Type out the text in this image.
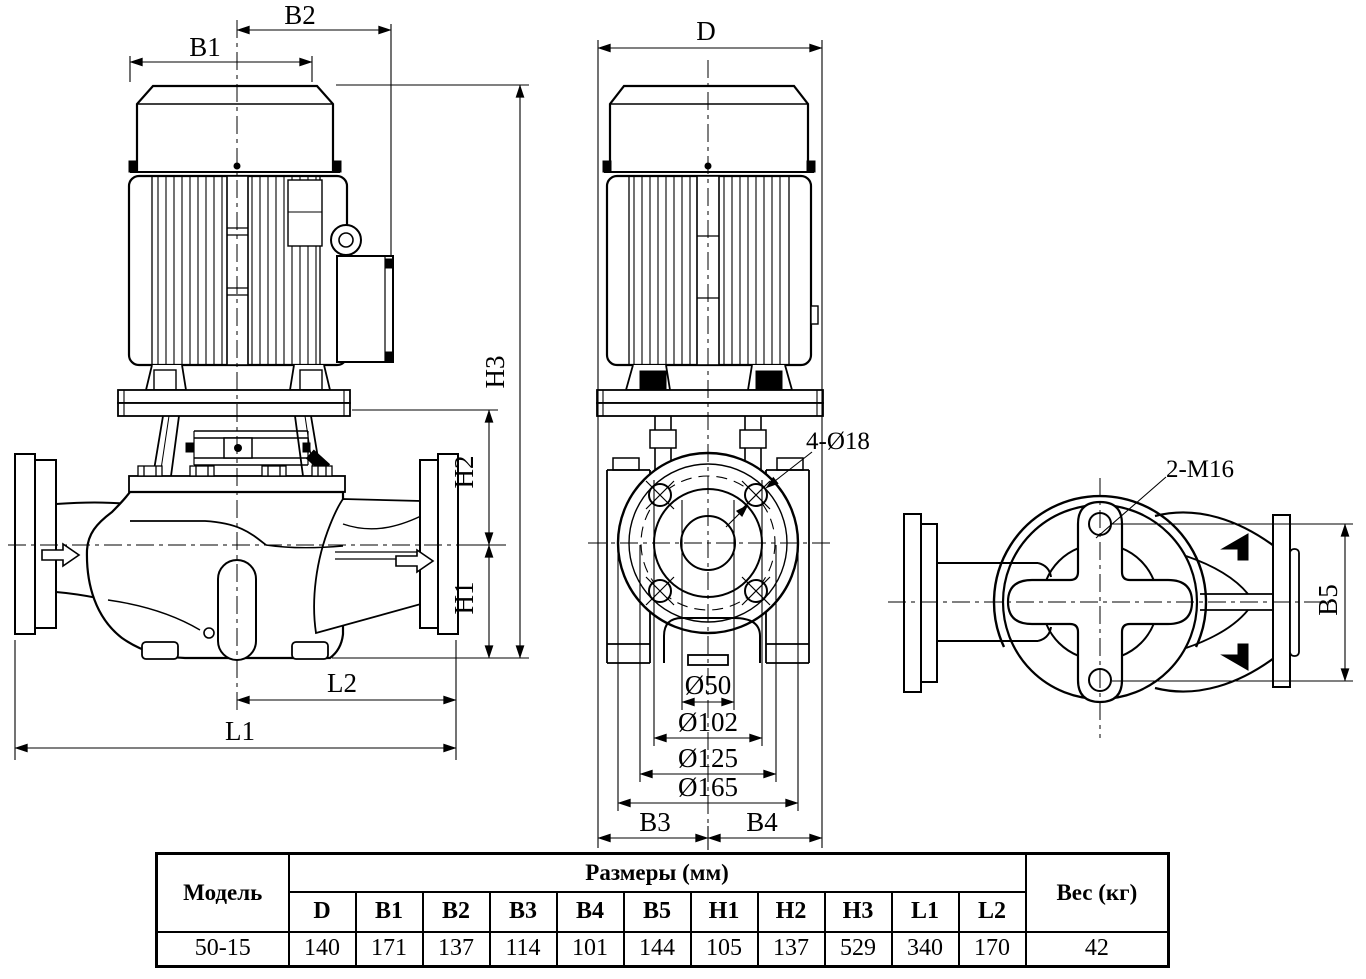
B2
B1
D
H3
H2
H1
L2
L1
Ø50
Ø102
Ø125
Ø165
B3	B4
4-Ø18
2-M16
B5
Модель	Размеры (мм)											Вес (кг)
	D	B1	B2	B3	B4	B5	H1	H2	H3	L1	L2	
50-15	140	171	137	114	101	144	105	137	529	340	170	42
